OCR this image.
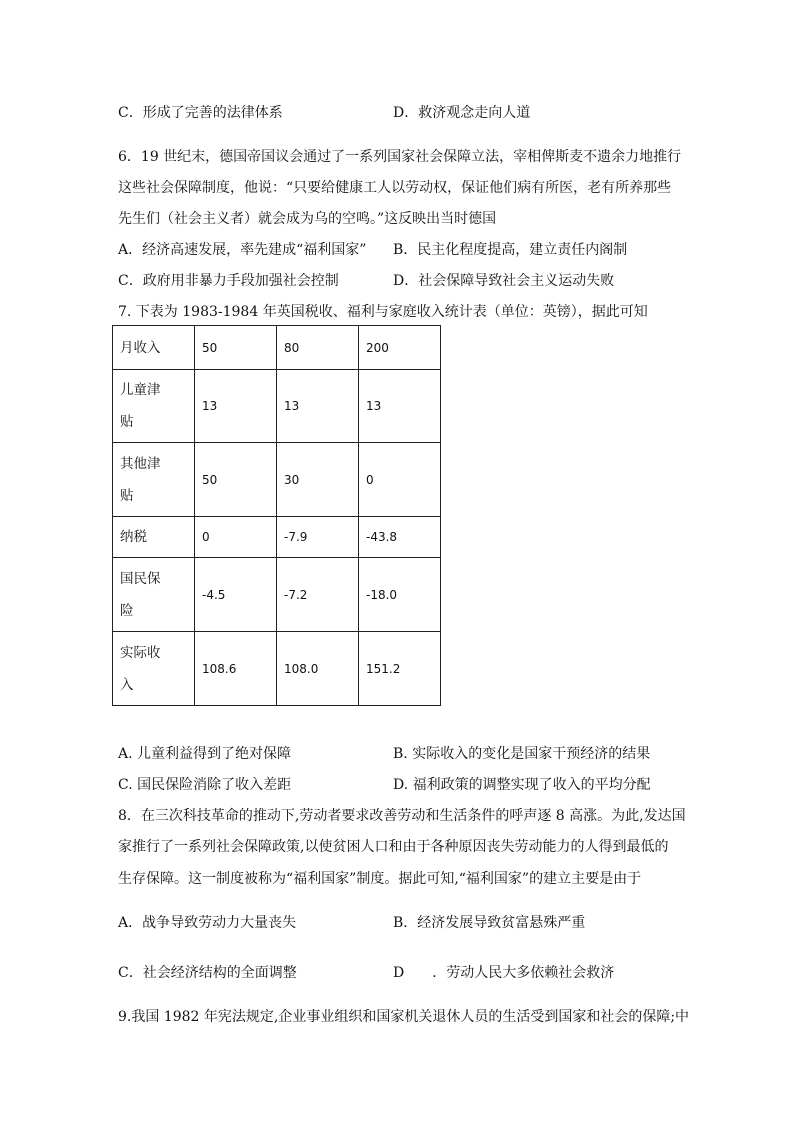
C．形成了完善的法律体系	D．救济观念走向人道
6．19 世纪末，德国帝国议会通过了一系列国家社会保障立法，宰相俾斯麦不遗余力地推行
这些社会保障制度，他说：“只要给健康工人以劳动权，保证他们病有所医，老有所养那些
先生们（社会主义者）就会成为乌的空鸣。”这反映出当时德国
A．经济高速发展，率先建成“福利国家” B．民主化程度提高，建立责任内阁制
C．政府用非暴力手段加强社会控制	D．社会保障导致社会主义运动失败
7. 下表为 1983-1984 年英国税收、福利与家庭收入统计表（单位：英镑），据此可知
月收入	50	80	200
儿童津
贴	13	13	13
其他津
贴	50	30	0
纳税	0	-7.9	-43.8
国民保
险	-4.5	-7.2	-18.0
实际收
入	108.6	108.0	151.2
A. 儿童利益得到了绝对保障	B. 实际收入的变化是国家干预经济的结果
C. 国民保险消除了收入差距	D. 福利政策的调整实现了收入的平均分配
8．在三次科技革命的推动下,劳动者要求改善劳动和生活条件的呼声逐 8 高涨。为此,发达国
家推行了一系列社会保障政策,以使贫困人口和由于各种原因丧失劳动能力的人得到最低的
生存保障。这一制度被称为“福利国家”制度。据此可知,“福利国家”的建立主要是由于
A．战争导致劳动力大量丧失	B．经济发展导致贫富悬殊严重
C．社会经济结构的全面调整	D　　．劳动人民大多依赖社会救济
9.我国 1982 年宪法规定,企业事业组织和国家机关退休人员的生活受到国家和社会的保障;中
